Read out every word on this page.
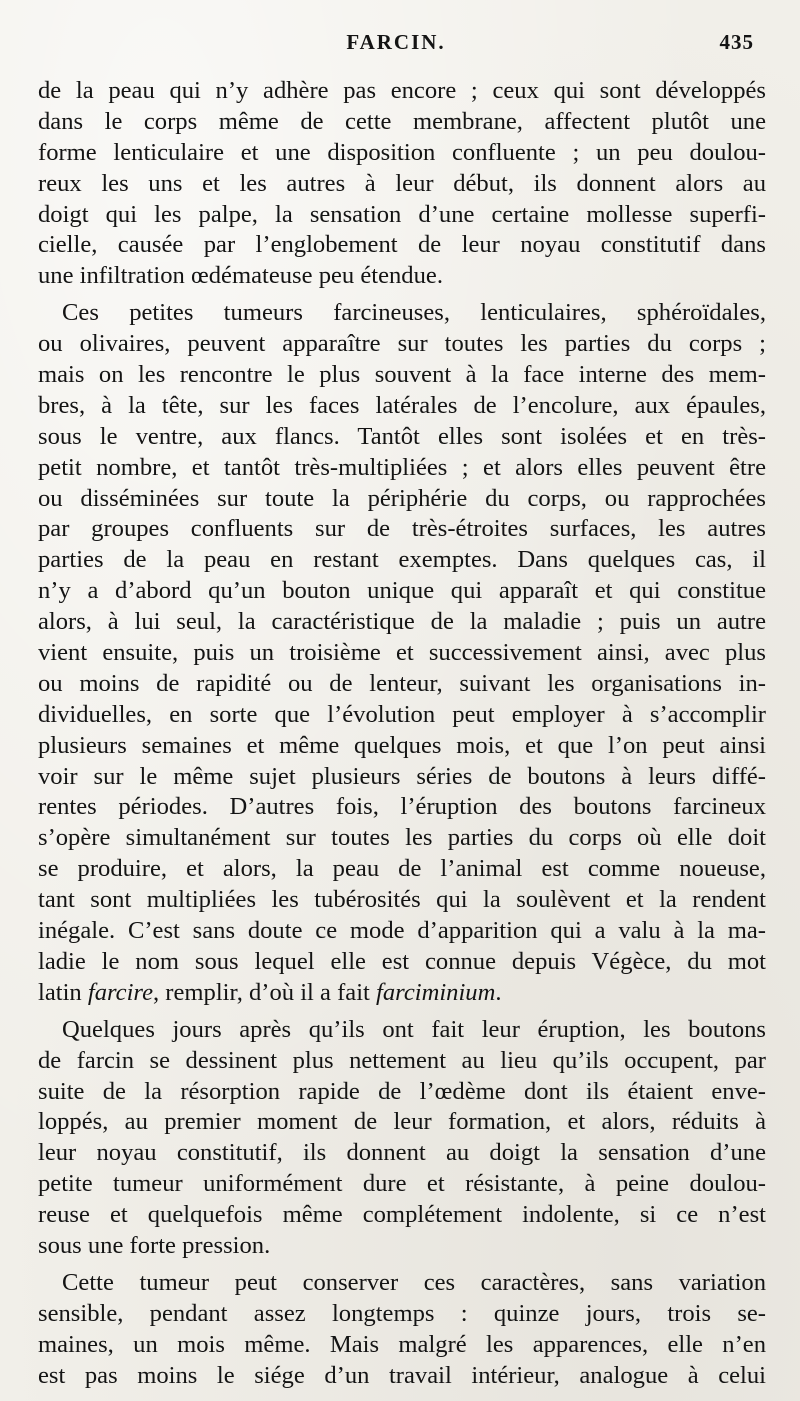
FARCIN.	435
de la peau qui n’y adhère pas encore ; ceux qui sont développés
dans le corps même de cette membrane, affectent plutôt une
forme lenticulaire et une disposition confluente ; un peu doulou-
reux les uns et les autres à leur début, ils donnent alors au
doigt qui les palpe, la sensation d’une certaine mollesse superfi-
cielle, causée par l’englobement de leur noyau constitutif dans
une infiltration œdémateuse peu étendue.
Ces petites tumeurs farcineuses, lenticulaires, sphéroïdales,
ou olivaires, peuvent apparaître sur toutes les parties du corps ;
mais on les rencontre le plus souvent à la face interne des mem-
bres, à la tête, sur les faces latérales de l’encolure, aux épaules,
sous le ventre, aux flancs. Tantôt elles sont isolées et en très-
petit nombre, et tantôt très-multipliées ; et alors elles peuvent être
ou disséminées sur toute la périphérie du corps, ou rapprochées
par groupes confluents sur de très-étroites surfaces, les autres
parties de la peau en restant exemptes. Dans quelques cas, il
n’y a d’abord qu’un bouton unique qui apparaît et qui constitue
alors, à lui seul, la caractéristique de la maladie ; puis un autre
vient ensuite, puis un troisième et successivement ainsi, avec plus
ou moins de rapidité ou de lenteur, suivant les organisations in-
dividuelles, en sorte que l’évolution peut employer à s’accomplir
plusieurs semaines et même quelques mois, et que l’on peut ainsi
voir sur le même sujet plusieurs séries de boutons à leurs diffé-
rentes périodes. D’autres fois, l’éruption des boutons farcineux
s’opère simultanément sur toutes les parties du corps où elle doit
se produire, et alors, la peau de l’animal est comme noueuse,
tant sont multipliées les tubérosités qui la soulèvent et la rendent
inégale. C’est sans doute ce mode d’apparition qui a valu à la ma-
ladie le nom sous lequel elle est connue depuis Végèce, du mot
latin farcire, remplir, d’où il a fait farciminium.
Quelques jours après qu’ils ont fait leur éruption, les boutons
de farcin se dessinent plus nettement au lieu qu’ils occupent, par
suite de la résorption rapide de l’œdème dont ils étaient enve-
loppés, au premier moment de leur formation, et alors, réduits à
leur noyau constitutif, ils donnent au doigt la sensation d’une
petite tumeur uniformément dure et résistante, à peine doulou-
reuse et quelquefois même complétement indolente, si ce n’est
sous une forte pression.
Cette tumeur peut conserver ces caractères, sans variation
sensible, pendant assez longtemps : quinze jours, trois se-
maines, un mois même. Mais malgré les apparences, elle n’en
est pas moins le siége d’un travail intérieur, analogue à celui
